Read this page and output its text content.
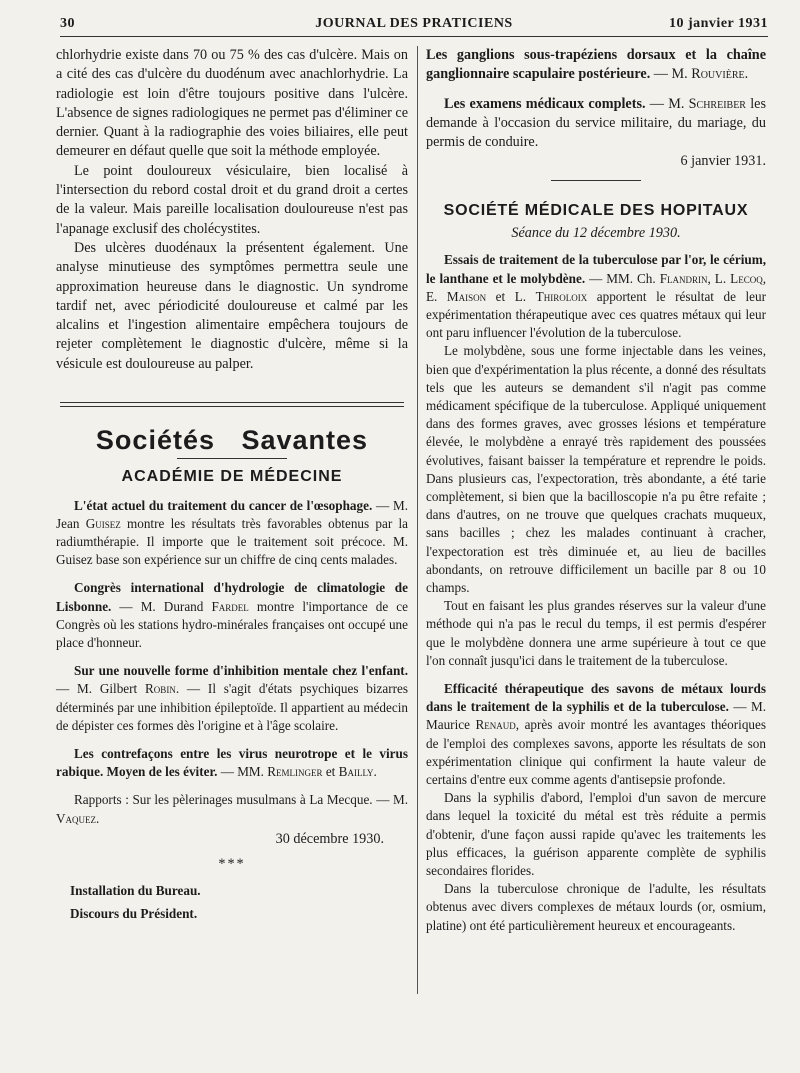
30	JOURNAL DES PRATICIENS	10 janvier 1931

chlorhydrie existe dans 70 ou 75 % des cas d'ulcère. Mais on a cité des cas d'ulcère du duodénum avec anachlorhydrie. La radiologie est loin d'être toujours positive dans l'ulcère. L'absence de signes radiologiques ne permet pas d'éliminer ce dernier. Quant à la radiographie des voies biliaires, elle peut demeurer en défaut quelle que soit la méthode employée.

Le point douloureux vésiculaire, bien localisé à l'intersection du rebord costal droit et du grand droit a certes de la valeur. Mais pareille localisation douloureuse n'est pas l'apanage exclusif des cholécystites.

Des ulcères duodénaux la présentent également. Une analyse minutieuse des symptômes permettra seule une approximation heureuse dans le diagnostic. Un syndrome tardif net, avec périodicité douloureuse et calmé par les alcalins et l'ingestion alimentaire empêchera toujours de rejeter complètement le diagnostic d'ulcère, même si la vésicule est douloureuse au palper.

Sociétés Savantes
ACADÉMIE DE MÉDECINE

L'état actuel du traitement du cancer de l'œsophage. — M. Jean Guisez montre les résultats très favorables obtenus par la radiumthérapie. Il importe que le traitement soit précoce. M. Guisez base son expérience sur un chiffre de cinq cents malades.

Congrès international d'hydrologie de climatologie de Lisbonne. — M. Durand Fardel montre l'importance de ce Congrès où les stations hydro-minérales françaises ont occupé une place d'honneur.

Sur une nouvelle forme d'inhibition mentale chez l'enfant. — M. Gilbert Robin. — Il s'agit d'états psychiques bizarres déterminés par une inhibition épileptoïde. Il appartient au médecin de dépister ces formes dès l'origine et à l'âge scolaire.

Les contrefaçons entre les virus neurotrope et le virus rabique. Moyen de les éviter. — MM. Remlinger et Bailly.

Rapports : Sur les pèlerinages musulmans à La Mecque. — M. Vaquez.

30 décembre 1930.

***

Installation du Bureau.

Discours du Président.

Les ganglions sous-trapéziens dorsaux et la chaîne ganglionnaire scapulaire postérieure. — M. Rouvière.

Les examens médicaux complets. — M. Schreiber les demande à l'occasion du service militaire, du mariage, du permis de conduire.

6 janvier 1931.

SOCIÉTÉ MÉDICALE DES HOPITAUX

Séance du 12 décembre 1930.

Essais de traitement de la tuberculose par l'or, le cérium, le lanthane et le molybdène. — MM. Ch. Flandrin, L. Lecoq, E. Maison et L. Thiroloix apportent le résultat de leur expérimentation thérapeutique avec ces quatres métaux qui leur ont paru influencer l'évolution de la tuberculose.

Le molybdène, sous une forme injectable dans les veines, bien que d'expérimentation la plus récente, a donné des résultats tels que les auteurs se demandent s'il n'agit pas comme médicament spécifique de la tuberculose. Appliqué uniquement dans des formes graves, avec grosses lésions et température élevée, le molybdène a enrayé très rapidement des poussées évolutives, faisant baisser la température et reprendre le poids. Dans plusieurs cas, l'expectoration, très abondante, a été tarie complètement, si bien que la bacilloscopie n'a pu être refaite ; dans d'autres, on ne trouve que quelques crachats muqueux, sans bacilles ; chez les malades continuant à cracher, l'expectoration est très diminuée et, au lieu de bacilles abondants, on retrouve difficilement un bacille par 8 ou 10 champs.

Tout en faisant les plus grandes réserves sur la valeur d'une méthode qui n'a pas le recul du temps, il est permis d'espérer que le molybdène donnera une arme supérieure à tout ce que l'on connaît jusqu'ici dans le traitement de la tuberculose.

Efficacité thérapeutique des savons de métaux lourds dans le traitement de la syphilis et de la tuberculose. — M. Maurice Renaud, après avoir montré les avantages théoriques de l'emploi des complexes savons, apporte les résultats de son expérimentation clinique qui confirment la haute valeur de certains d'entre eux comme agents d'antisepsie profonde.

Dans la syphilis d'abord, l'emploi d'un savon de mercure dans lequel la toxicité du métal est très réduite a permis d'obtenir, d'une façon aussi rapide qu'avec les traitements les plus efficaces, la guérison apparente complète de syphilis secondaires florides.

Dans la tuberculose chronique de l'adulte, les résultats obtenus avec divers complexes de métaux lourds (or, osmium, platine) ont été particulièrement heureux et encourageants.
